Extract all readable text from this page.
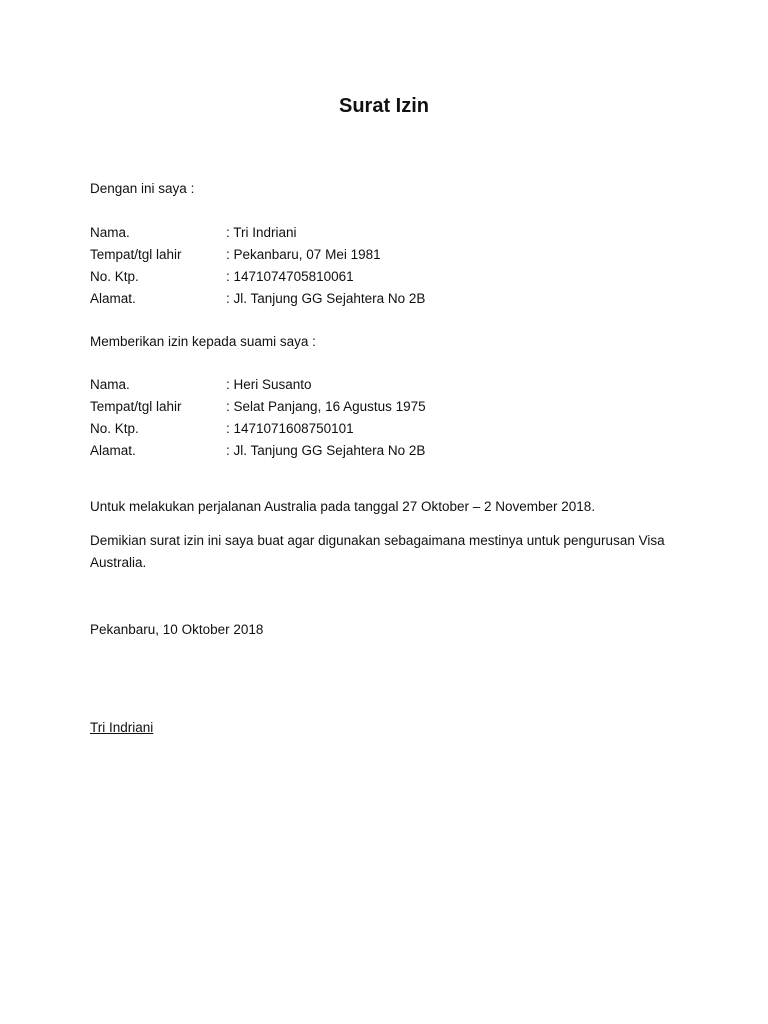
Surat Izin

Dengan ini saya :

Nama.	: Tri Indriani
Tempat/tgl lahir	: Pekanbaru, 07 Mei 1981
No. Ktp.	: 1471074705810061
Alamat.	: Jl. Tanjung GG Sejahtera No 2B

Memberikan izin kepada suami saya :

Nama.	: Heri Susanto
Tempat/tgl lahir	: Selat Panjang, 16 Agustus 1975
No. Ktp.	: 1471071608750101
Alamat.	: Jl. Tanjung GG Sejahtera No 2B

Untuk melakukan perjalanan Australia pada tanggal 27 Oktober – 2 November 2018.

Demikian surat izin ini saya buat agar digunakan sebagaimana mestinya untuk pengurusan Visa Australia.

Pekanbaru, 10 Oktober 2018

Tri Indriani
